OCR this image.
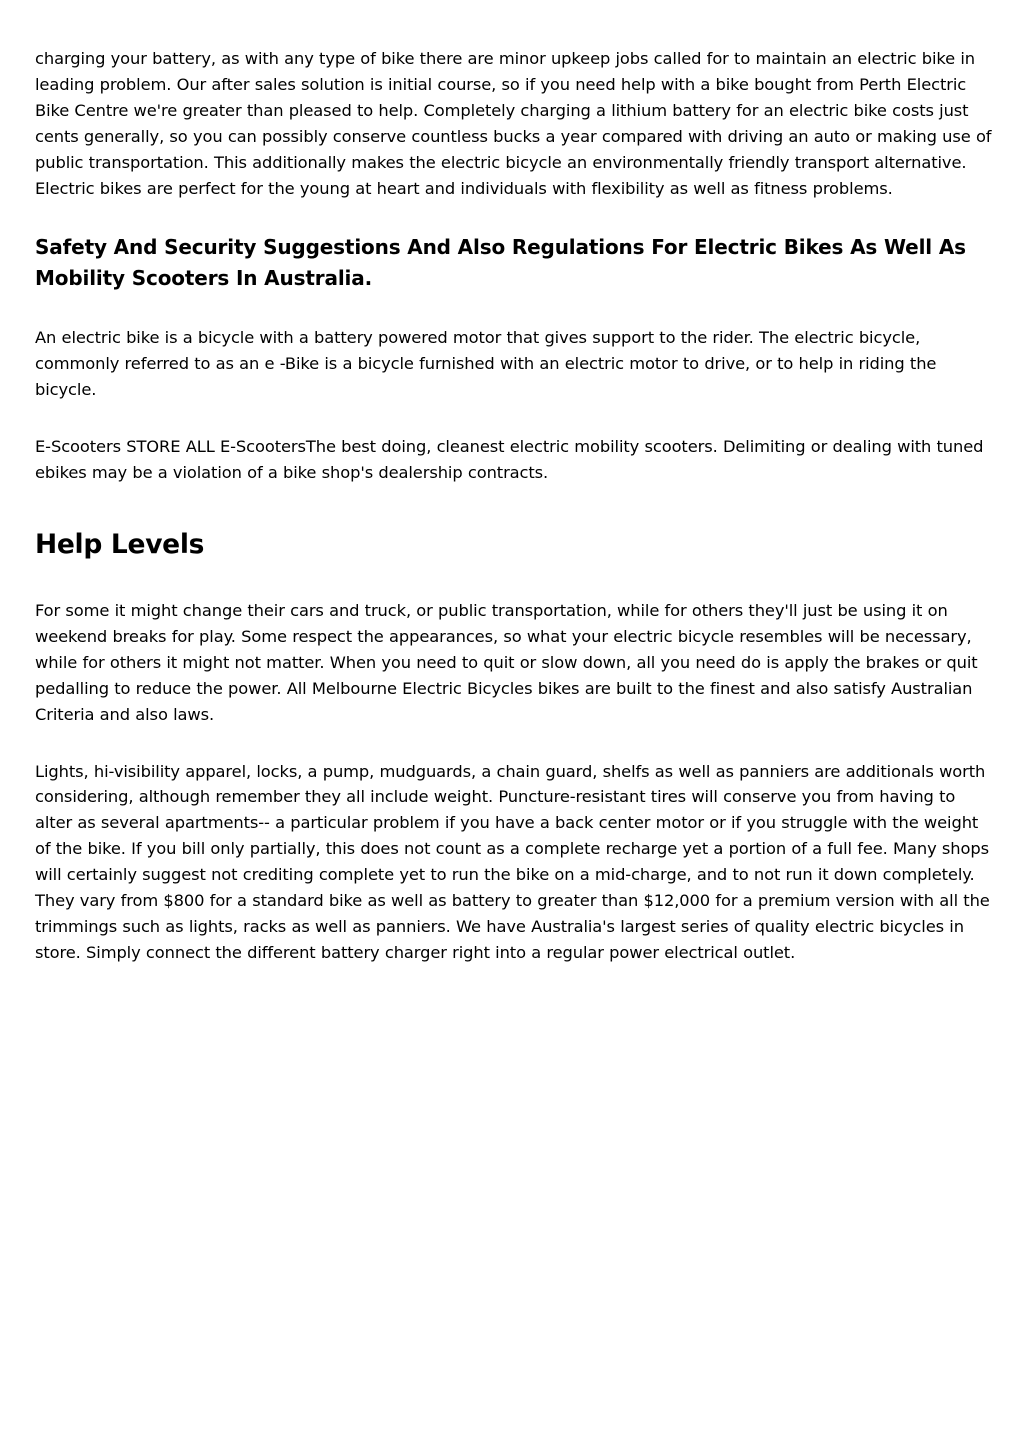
charging your battery, as with any type of bike there are minor upkeep jobs called for to maintain an electric bike in leading problem. Our after sales solution is initial course, so if you need help with a bike bought from Perth Electric Bike Centre we're greater than pleased to help. Completely charging a lithium battery for an electric bike costs just cents generally, so you can possibly conserve countless bucks a year compared with driving an auto or making use of public transportation. This additionally makes the electric bicycle an environmentally friendly transport alternative. Electric bikes are perfect for the young at heart and individuals with flexibility as well as fitness problems.

Safety And Security Suggestions And Also Regulations For Electric Bikes As Well As Mobility Scooters In Australia.

An electric bike is a bicycle with a battery powered motor that gives support to the rider. The electric bicycle, commonly referred to as an e -Bike is a bicycle furnished with an electric motor to drive, or to help in riding the bicycle.

E-Scooters STORE ALL E-ScootersThe best doing, cleanest electric mobility scooters. Delimiting or dealing with tuned ebikes may be a violation of a bike shop's dealership contracts.

Help Levels

For some it might change their cars and truck, or public transportation, while for others they'll just be using it on weekend breaks for play. Some respect the appearances, so what your electric bicycle resembles will be necessary, while for others it might not matter. When you need to quit or slow down, all you need do is apply the brakes or quit pedalling to reduce the power. All Melbourne Electric Bicycles bikes are built to the finest and also satisfy Australian Criteria and also laws.

Lights, hi-visibility apparel, locks, a pump, mudguards, a chain guard, shelfs as well as panniers are additionals worth considering, although remember they all include weight. Puncture-resistant tires will conserve you from having to alter as several apartments-- a particular problem if you have a back center motor or if you struggle with the weight of the bike. If you bill only partially, this does not count as a complete recharge yet a portion of a full fee. Many shops will certainly suggest not crediting complete yet to run the bike on a mid-charge, and to not run it down completely. They vary from $800 for a standard bike as well as battery to greater than $12,000 for a premium version with all the trimmings such as lights, racks as well as panniers. We have Australia's largest series of quality electric bicycles in store. Simply connect the different battery charger right into a regular power electrical outlet.
